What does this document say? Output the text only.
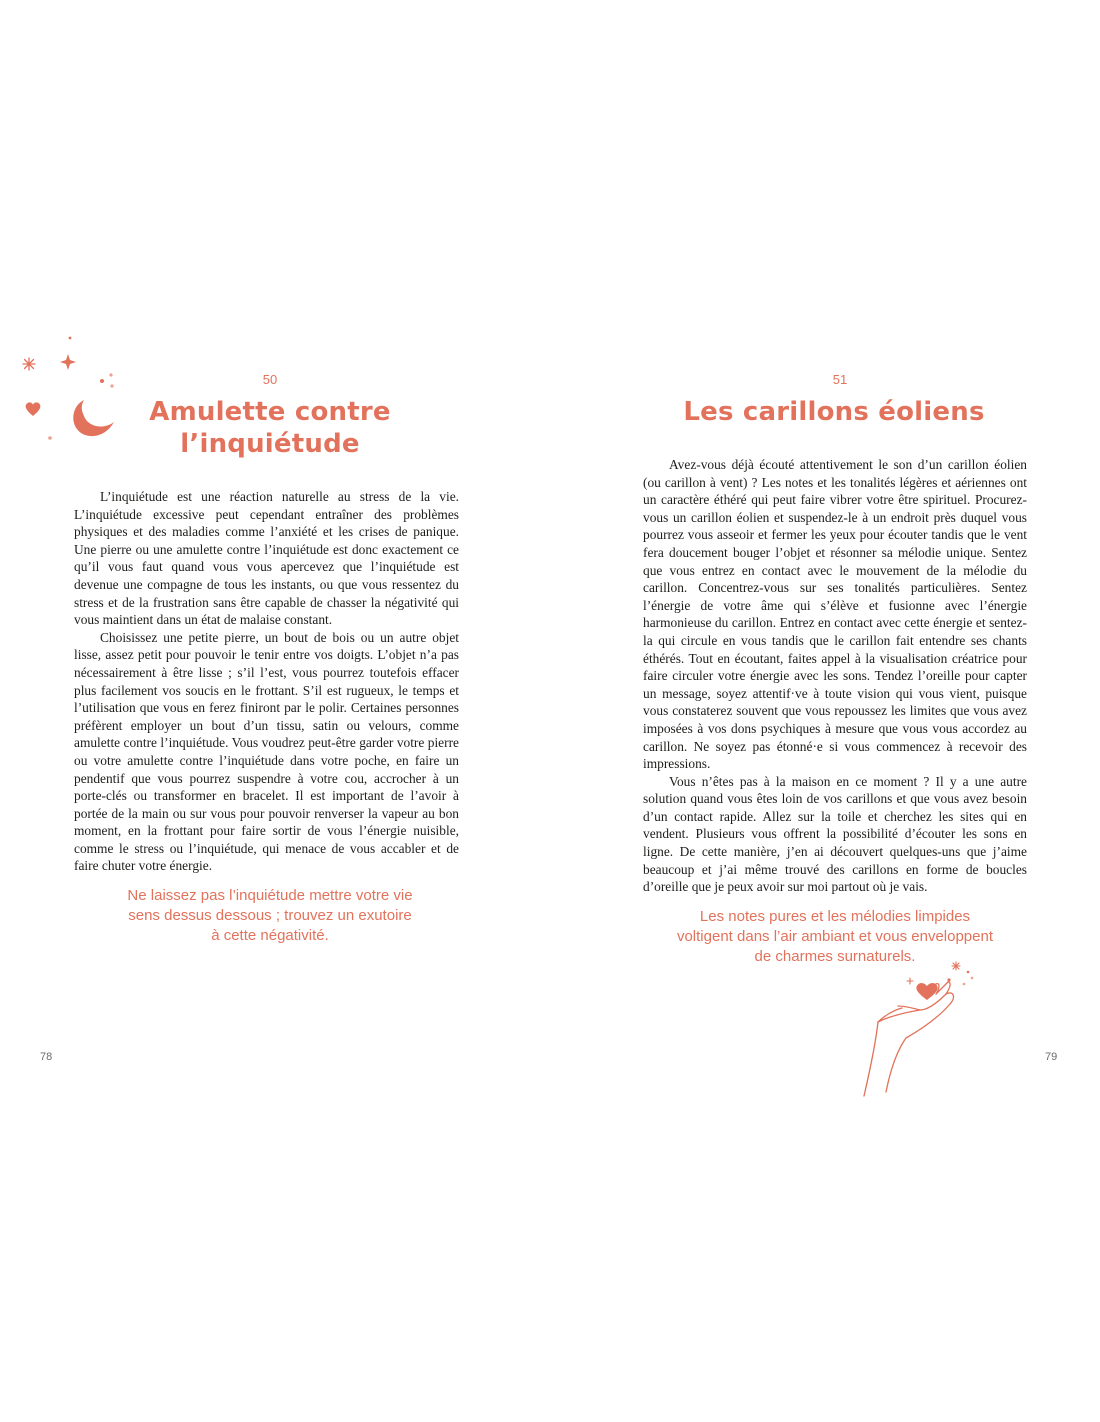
50
Amulette contre
l’inquiétude

L’inquiétude est une réaction naturelle au stress de la vie. L’inquiétude excessive peut cependant entraîner des problèmes physiques et des maladies comme l’anxiété et les crises de panique. Une pierre ou une amulette contre l’inquiétude est donc exactement ce qu’il vous faut quand vous vous apercevez que l’inquiétude est devenue une compagne de tous les instants, ou que vous ressentez du stress et de la frustration sans être capable de chasser la négativité qui vous maintient dans un état de malaise constant.

Choisissez une petite pierre, un bout de bois ou un autre objet lisse, assez petit pour pouvoir le tenir entre vos doigts. L’objet n’a pas nécessairement à être lisse ; s’il l’est, vous pourrez toutefois effacer plus facilement vos soucis en le frottant. S’il est rugueux, le temps et l’utilisation que vous en ferez finiront par le polir. Certaines personnes préfèrent employer un bout d’un tissu, satin ou velours, comme amulette contre l’inquiétude. Vous voudrez peut-être garder votre pierre ou votre amulette contre l’inquiétude dans votre poche, en faire un pendentif que vous pourrez suspendre à votre cou, accrocher à un porte-clés ou transformer en bracelet. Il est important de l’avoir à portée de la main ou sur vous pour pouvoir renverser la vapeur au bon moment, en la frottant pour faire sortir de vous l’énergie nuisible, comme le stress ou l’inquiétude, qui menace de vous accabler et de faire chuter votre énergie.

Ne laissez pas l’inquiétude mettre votre vie
sens dessus dessous ; trouvez un exutoire
à cette négativité.
78
51
Les carillons éoliens

Avez-vous déjà écouté attentivement le son d’un carillon éolien (ou carillon à vent) ? Les notes et les tonalités légères et aériennes ont un caractère éthéré qui peut faire vibrer votre être spirituel. Procurez-vous un carillon éolien et suspendez-le à un endroit près duquel vous pourrez vous asseoir et fermer les yeux pour écouter tandis que le vent fera doucement bouger l’objet et résonner sa mélodie unique. Sentez que vous entrez en contact avec le mouvement de la mélodie du carillon. Concentrez-vous sur ses tonalités particulières. Sentez l’énergie de votre âme qui s’élève et fusionne avec l’énergie harmonieuse du carillon. Entrez en contact avec cette énergie et sentez-la qui circule en vous tandis que le carillon fait entendre ses chants éthérés. Tout en écoutant, faites appel à la visualisation créatrice pour faire circuler votre énergie avec les sons. Tendez l’oreille pour capter un message, soyez attentif·ve à toute vision qui vous vient, puisque vous constaterez souvent que vous repoussez les limites que vous avez imposées à vos dons psychiques à mesure que vous vous accordez au carillon. Ne soyez pas étonné·e si vous commencez à recevoir des impressions.

Vous n’êtes pas à la maison en ce moment ? Il y a une autre solution quand vous êtes loin de vos carillons et que vous avez besoin d’un contact rapide. Allez sur la toile et cherchez les sites qui en vendent. Plusieurs vous offrent la possibilité d’écouter les sons en ligne. De cette manière, j’en ai découvert quelques-uns que j’aime beaucoup et j’ai même trouvé des carillons en forme de boucles d’oreille que je peux avoir sur moi partout où je vais.

Les notes pures et les mélodies limpides
voltigent dans l’air ambiant et vous enveloppent
de charmes surnaturels.
79
